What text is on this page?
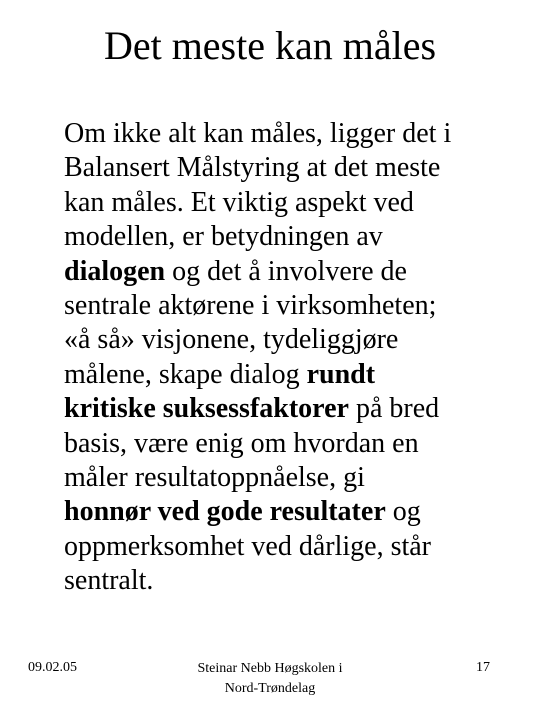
Det meste kan måles
Om ikke alt kan måles, ligger det i
Balansert Målstyring at det meste
kan måles. Et viktig aspekt ved
modellen, er betydningen av
dialogen og det å involvere de
sentrale aktørene i virksomheten;
«å så» visjonene, tydeliggjøre
målene, skape dialog rundt
kritiske suksessfaktorer på bred
basis, være enig om hvordan en
måler resultatoppnåelse, gi
honnør ved gode resultater og
oppmerksomhet ved dårlige, står
sentralt.
09.02.05	Steinar Nebb Høgskolen i
Nord-Trøndelag
17
